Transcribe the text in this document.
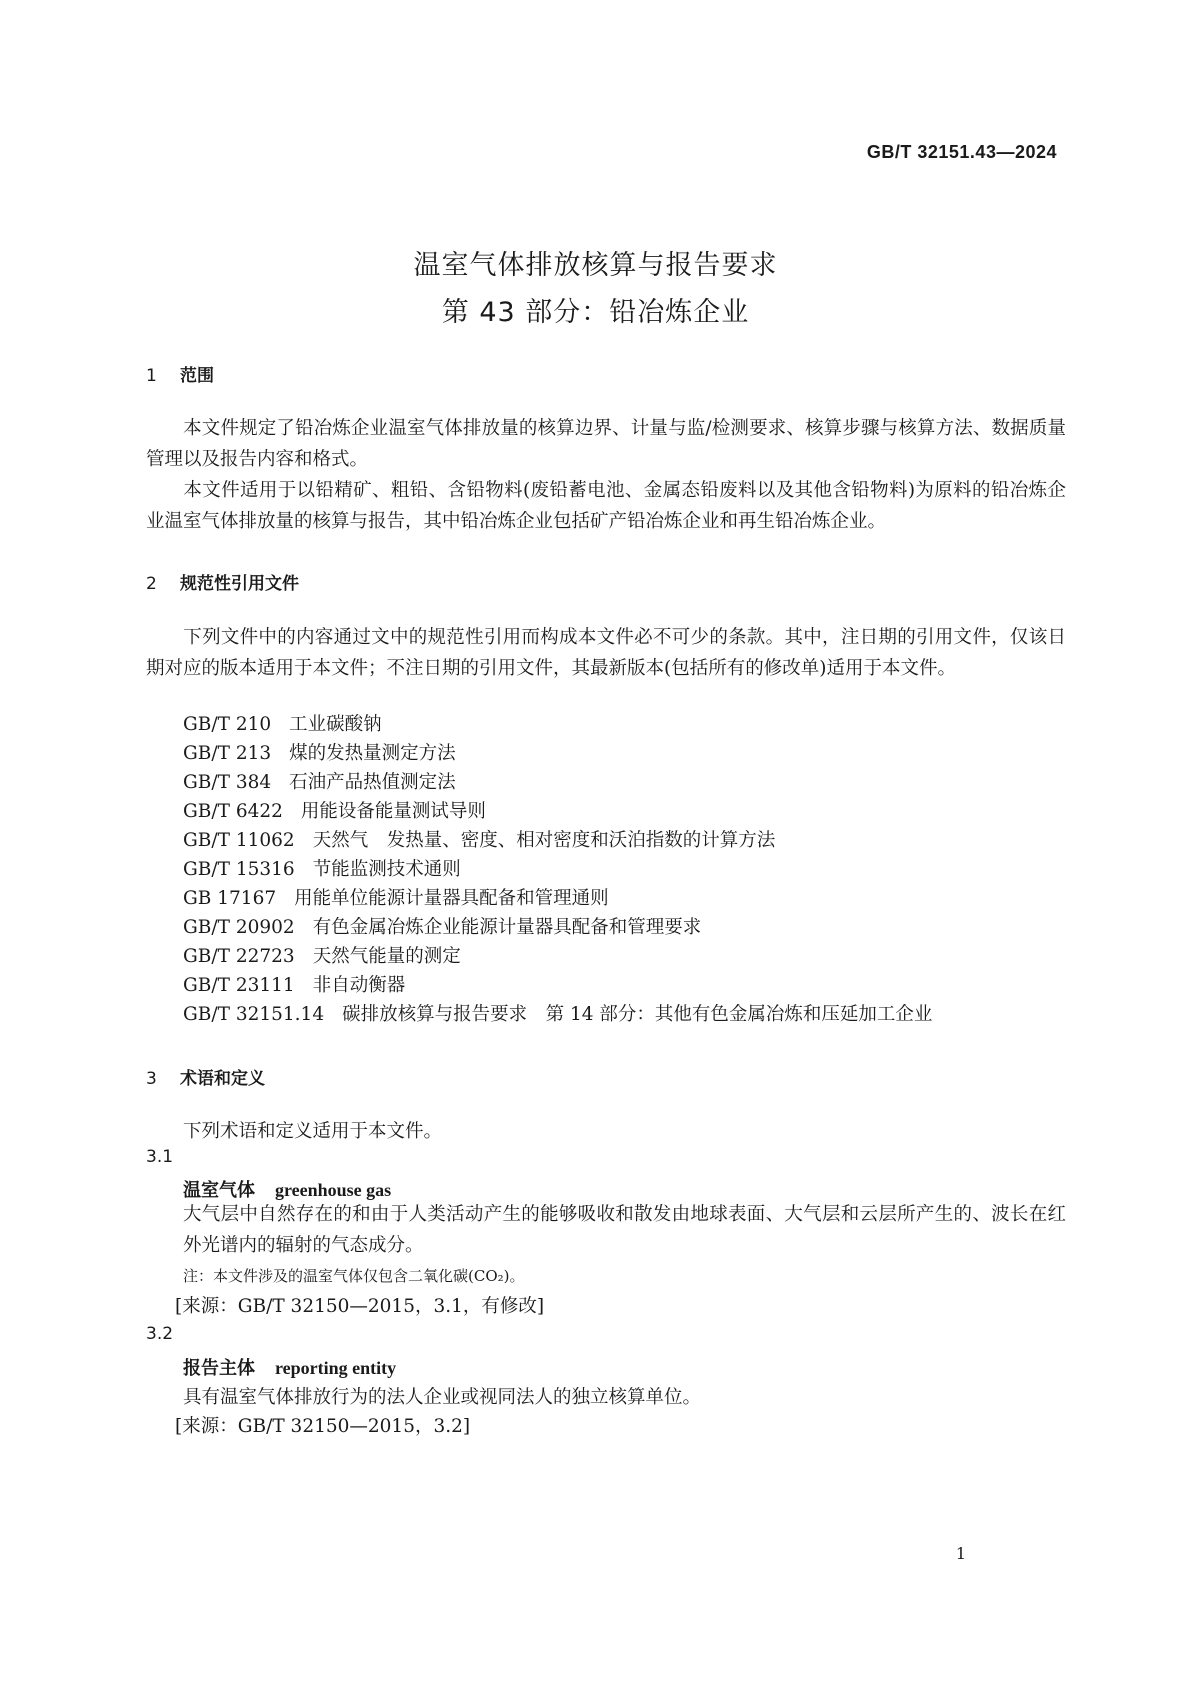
GB/T 32151.43—2024
温室气体排放核算与报告要求
第 43 部分：铅冶炼企业
1 范围
本文件规定了铅冶炼企业温室气体排放量的核算边界、计量与监/检测要求、核算步骤与核算方法、数据质量管理以及报告内容和格式。
本文件适用于以铅精矿、粗铅、含铅物料(废铅蓄电池、金属态铅废料以及其他含铅物料)为原料的铅冶炼企业温室气体排放量的核算与报告，其中铅冶炼企业包括矿产铅冶炼企业和再生铅冶炼企业。
2 规范性引用文件
下列文件中的内容通过文中的规范性引用而构成本文件必不可少的条款。其中，注日期的引用文件，仅该日期对应的版本适用于本文件；不注日期的引用文件，其最新版本(包括所有的修改单)适用于本文件。
GB/T 210 工业碳酸钠
GB/T 213 煤的发热量测定方法
GB/T 384 石油产品热值测定法
GB/T 6422 用能设备能量测试导则
GB/T 11062 天然气　发热量、密度、相对密度和沃泊指数的计算方法
GB/T 15316 节能监测技术通则
GB 17167 用能单位能源计量器具配备和管理通则
GB/T 20902 有色金属冶炼企业能源计量器具配备和管理要求
GB/T 22723 天然气能量的测定
GB/T 23111 非自动衡器
GB/T 32151.14 碳排放核算与报告要求　第 14 部分：其他有色金属冶炼和压延加工企业
3 术语和定义
下列术语和定义适用于本文件。
3.1
温室气体 greenhouse gas
大气层中自然存在的和由于人类活动产生的能够吸收和散发由地球表面、大气层和云层所产生的、波长在红外光谱内的辐射的气态成分。
注：本文件涉及的温室气体仅包含二氧化碳(CO₂)。
[来源：GB/T 32150—2015，3.1，有修改]
3.2
报告主体 reporting entity
具有温室气体排放行为的法人企业或视同法人的独立核算单位。
[来源：GB/T 32150—2015，3.2]
1
